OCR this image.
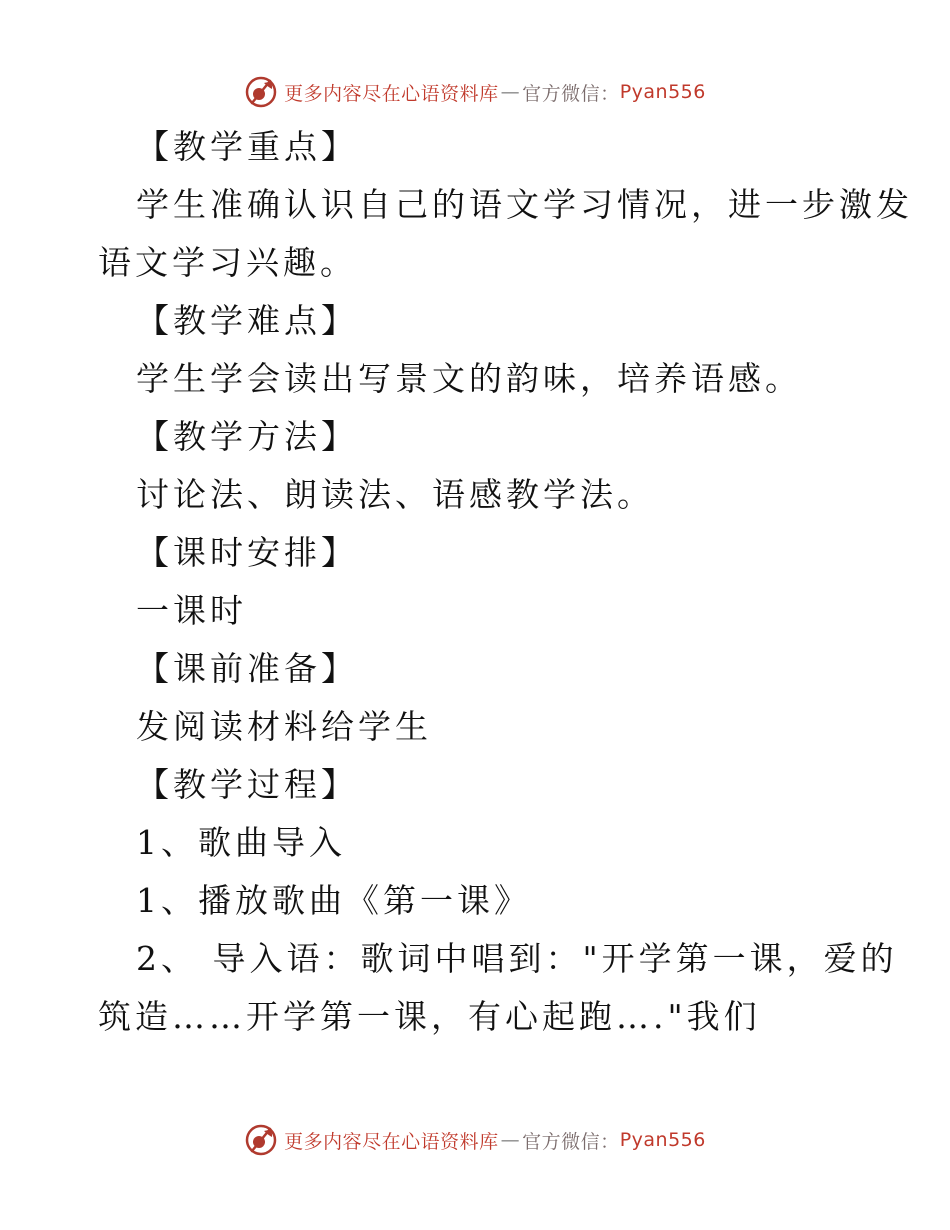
更多内容尽在心语资料库 — 官方微信： Pyan556

【教学重点】

学生准确认识自己的语文学习情况，进一步激发

语文学习兴趣。

【教学难点】

学生学会读出写景文的韵味，培养语感。

【教学方法】

讨论法、朗读法、语感教学法。

【课时安排】

一课时

【课前准备】

发阅读材料给学生

【教学过程】

1、歌曲导入

1、播放歌曲《第一课》

2、 导入语：歌词中唱到："开学第一课，爱的

筑造……开学第一课，有心起跑…."我们

更多内容尽在心语资料库 — 官方微信： Pyan556
